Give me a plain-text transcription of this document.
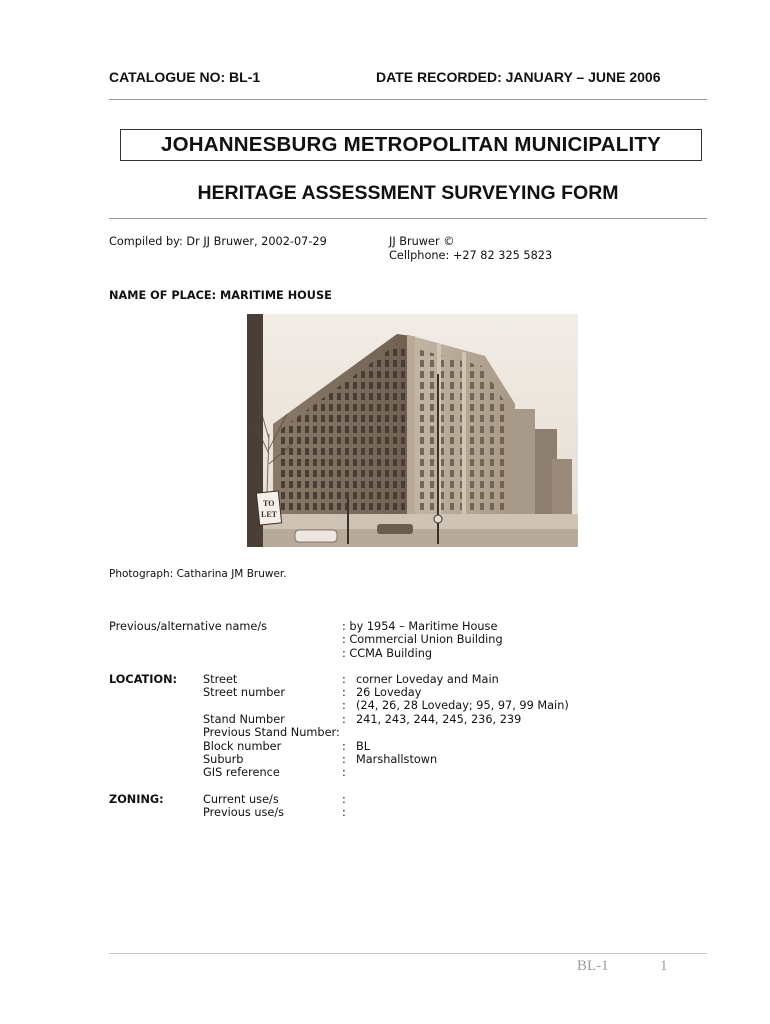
CATALOGUE NO: BL-1	DATE RECORDED: JANUARY – JUNE 2006
JOHANNESBURG METROPOLITAN MUNICIPALITY
HERITAGE ASSESSMENT SURVEYING FORM
Compiled by: Dr JJ Bruwer, 2002-07-29	JJ Bruwer ©
Cellphone: +27 82 325 5823
NAME OF PLACE: MARITIME HOUSE
TO
LET
Photograph: Catharina JM Bruwer.
Previous/alternative name/s	: by 1954 – Maritime House
: Commercial Union Building
: CCMA Building
LOCATION: Street	: corner Loveday and Main
Street number	: 26 Loveday
: (24, 26, 28 Loveday; 95, 97, 99 Main)
Stand Number	: 241, 243, 244, 245, 236, 239
Previous Stand Number:
Block number	: BL
Suburb	: Marshallstown
GIS reference	:
ZONING:	Current use/s	:
Previous use/s	:
BL-1	1
